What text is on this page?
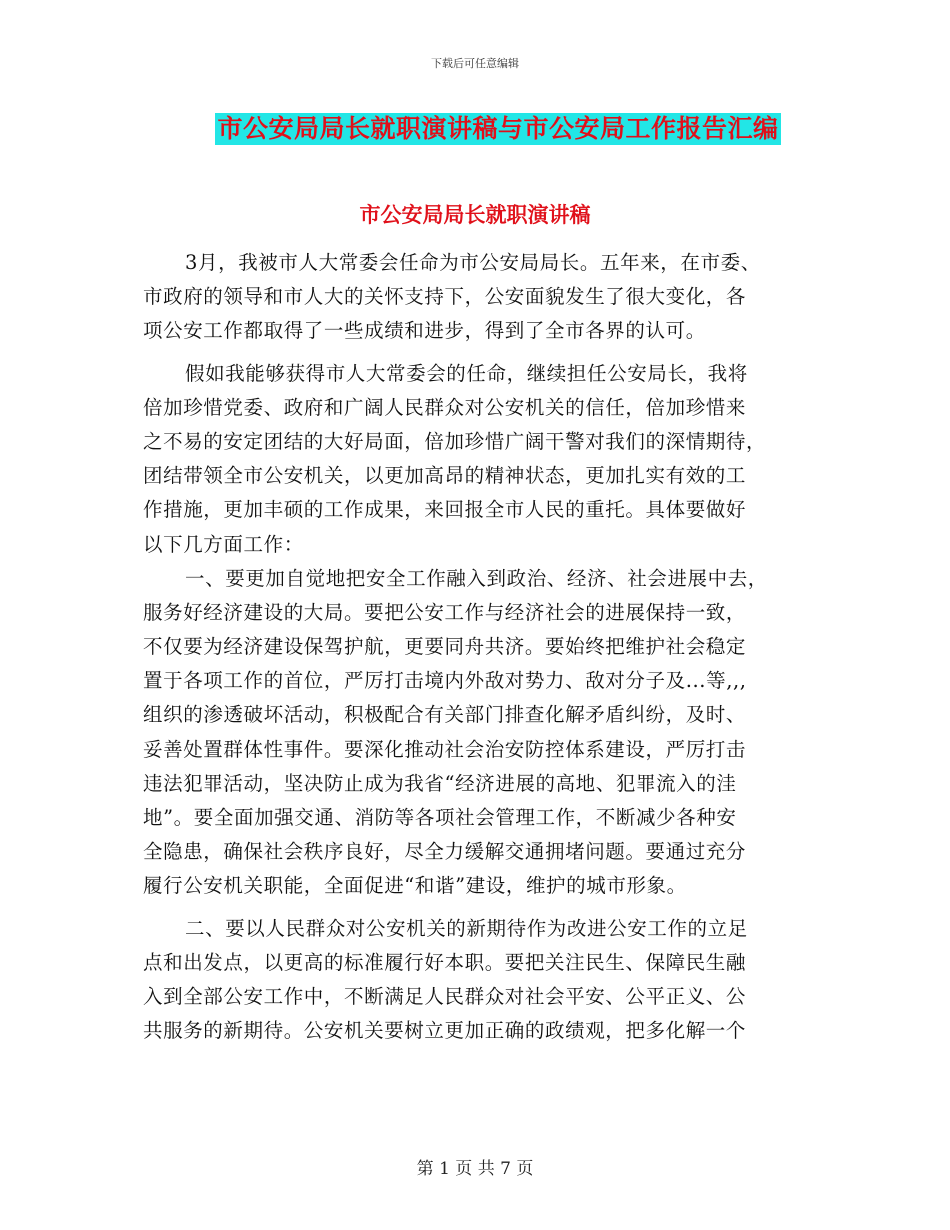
下载后可任意编辑
市公安局局长就职演讲稿与市公安局工作报告汇编
市公安局局长就职演讲稿
3月，我被市人大常委会任命为市公安局局长。五年来，在市委、
市政府的领导和市人大的关怀支持下，公安面貌发生了很大变化，各
项公安工作都取得了一些成绩和进步，得到了全市各界的认可。
假如我能够获得市人大常委会的任命，继续担任公安局长，我将
倍加珍惜党委、政府和广阔人民群众对公安机关的信任，倍加珍惜来
之不易的安定团结的大好局面，倍加珍惜广阔干警对我们的深情期待，
团结带领全市公安机关，以更加高昂的精神状态，更加扎实有效的工
作措施，更加丰硕的工作成果，来回报全市人民的重托。具体要做好
以下几方面工作：
一、要更加自觉地把安全工作融入到政治、经济、社会进展中去，
服务好经济建设的大局。要把公安工作与经济社会的进展保持一致，
不仅要为经济建设保驾护航，更要同舟共济。要始终把维护社会稳定
置于各项工作的首位，严厉打击境内外敌对势力、敌对分子及...等,,,
组织的渗透破坏活动，积极配合有关部门排查化解矛盾纠纷，及时、
妥善处置群体性事件。要深化推动社会治安防控体系建设，严厉打击
违法犯罪活动，坚决防止成为我省“经济进展的高地、犯罪流入的洼
地”。要全面加强交通、消防等各项社会管理工作，不断减少各种安
全隐患，确保社会秩序良好，尽全力缓解交通拥堵问题。要通过充分
履行公安机关职能，全面促进“和谐”建设，维护的城市形象。
二、要以人民群众对公安机关的新期待作为改进公安工作的立足
点和出发点，以更高的标准履行好本职。要把关注民生、保障民生融
入到全部公安工作中，不断满足人民群众对社会平安、公平正义、公
共服务的新期待。公安机关要树立更加正确的政绩观，把多化解一个
第 1 页 共 7 页
